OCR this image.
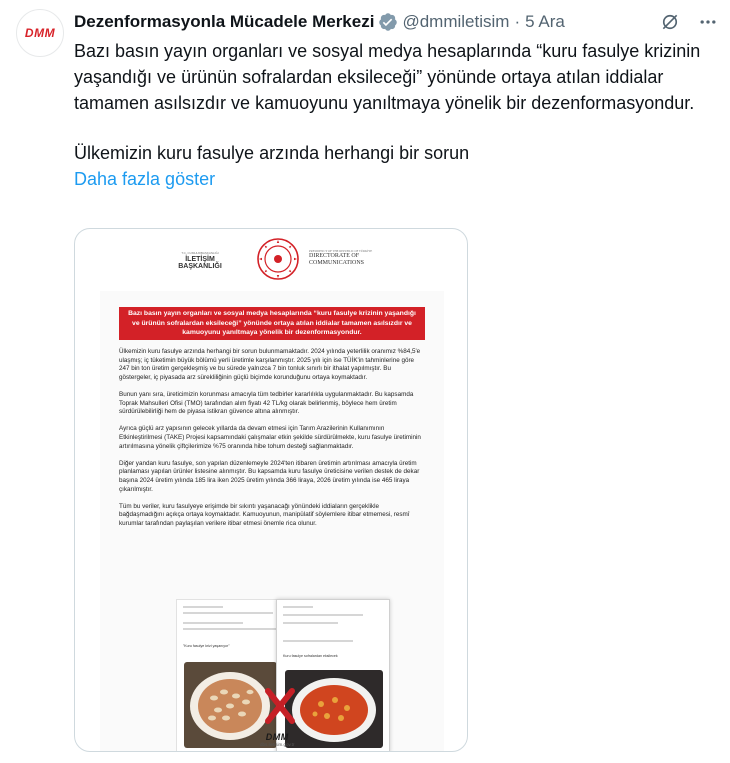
DMM
Dezenformasyonla Mücadele Merkezi @dmmiletisim · 5 Ara

Bazı basın yayın organları ve sosyal medya hesaplarında “kuru fasulye krizinin yaşandığı ve ürünün sofralardan eksileceği” yönünde ortaya atılan iddialar tamamen asılsızdır ve kamuoyunu yanıltmaya yönelik bir dezenformasyondur.

Ülkemizin kuru fasulye arzında herhangi bir sorun

Daha fazla göster

T.C. CUMHURBAŞKANLIĞI
İLETİŞİM BAŞKANLIĞI
PRESIDENCY OF THE REPUBLIC OF TÜRKİYE
DIRECTORATE OF
COMMUNICATIONS
Bazı basın yayın organları ve sosyal medya hesaplarında “kuru fasulye krizinin yaşandığı ve ürünün sofralardan eksileceği” yönünde ortaya atılan iddialar tamamen asılsızdır ve kamuoyunu yanıltmaya yönelik bir dezenformasyondur.

Ülkemizin kuru fasulye arzında herhangi bir sorun bulunmamaktadır. 2024 yılında yeterlilik oranımız %84,5'e ulaşmış; iç tüketimin büyük bölümü yerli üretimle karşılanmıştır. 2025 yılı için ise TÜİK'in tahminlerine göre 247 bin ton üretim gerçekleşmiş ve bu sürede yalnızca 7 bin tonluk sınırlı bir ithalat yapılmıştır. Bu göstergeler, iç piyasada arz sürekliliğinin güçlü biçimde korunduğunu ortaya koymaktadır.

Bunun yanı sıra, üreticimizin korunması amacıyla tüm tedbirler kararlılıkla uygulanmaktadır. Bu kapsamda Toprak Mahsulleri Ofisi (TMO) tarafından alım fiyatı 42 TL/kg olarak belirlenmiş, böylece hem üretim sürdürülebilirliği hem de piyasa istikrarı güvence altına alınmıştır.

Ayrıca güçlü arz yapısının gelecek yıllarda da devam etmesi için Tarım Arazilerinin Kullanımının Etkinleştirilmesi (TAKE) Projesi kapsamındaki çalışmalar etkin şekilde sürdürülmekte, kuru fasulye üretiminin artırılmasına yönelik çiftçilerimize %75 oranında hibe tohum desteği sağlanmaktadır.

Diğer yandan kuru fasulye, son yapılan düzenlemeyle 2024'ten itibaren üretimin artırılması amacıyla üretim planlaması yapılan ürünler listesine alınmıştır. Bu kapsamda kuru fasulye üreticisine verilen destek de dekar başına 2024 üretim yılında 185 lira iken 2025 üretim yılında 366 liraya, 2026 üretim yılında ise 465 liraya çıkarılmıştır.

Tüm bu veriler, kuru fasulyeye erişimde bir sıkıntı yaşanacağı yönündeki iddiaların gerçeklikle bağdaşmadığını açıkça ortaya koymaktadır. Kamuoyunun, manipülatif söylemlere itibar etmemesi, resmî kurumlar tarafından paylaşılan verilere itibar etmesi önemle rica olunur.

"Kuru fasulye krizi yaşanıyor"
Kuru fasulye sofralardan eksilecek
DMM
dbs.iletisim.gov.tr
